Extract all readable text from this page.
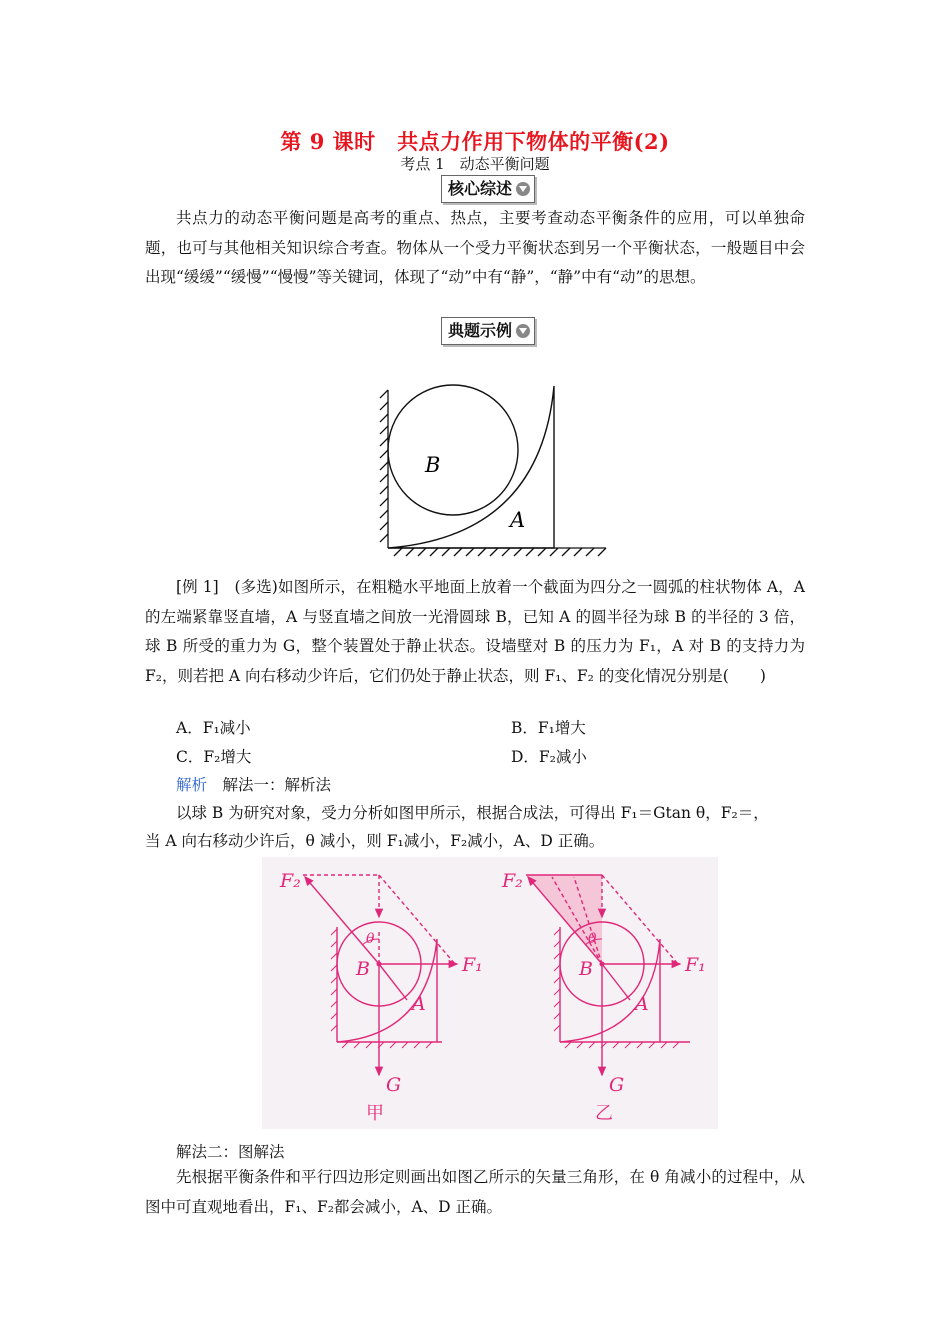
第 9 课时　共点力作用下物体的平衡(2)
考点 1　动态平衡问题
核心综述
共点力的动态平衡问题是高考的重点、热点，主要考查动态平衡条件的应用，可以单独命题，也可与其他相关知识综合考查。物体从一个受力平衡状态到另一个平衡状态，一般题目中会出现“缓缓”“缓慢”“慢慢”等关键词，体现了“动”中有“静”，“静”中有“动”的思想。
典题示例
B
A
[例 1]　 (多选)如图所示，在粗糙水平地面上放着一个截面为四分之一圆弧的柱状物体 A，A 的左端紧靠竖直墙，A 与竖直墙之间放一光滑圆球 B，已知 A 的圆半径为球 B 的半径的 3 倍，球 B 所受的重力为 G，整个装置处于静止状态。设墙壁对 B 的压力为 F₁，A 对 B 的支持力为 F₂，则若把 A 向右移动少许后，它们仍处于静止状态，则 F₁、F₂ 的变化情况分别是(　　)
A．F₁减小	B．F₁增大
C．F₂增大	D．F₂减小
解析　 解法一：解析法
以球 B 为研究对象，受力分析如图甲所示，根据合成法，可得出 F₁＝Gtan θ，F₂＝，
当 A 向右移动少许后，θ 减小，则 F₁减小，F₂减小，A、D 正确。
F₂
F₁
G
θ
B
A
甲
F₂
F₁
G
θ
B
A
乙
解法二：图解法
先根据平衡条件和平行四边形定则画出如图乙所示的矢量三角形，在 θ 角减小的过程中，从图中可直观地看出，F₁、F₂都会减小，A、D 正确。
